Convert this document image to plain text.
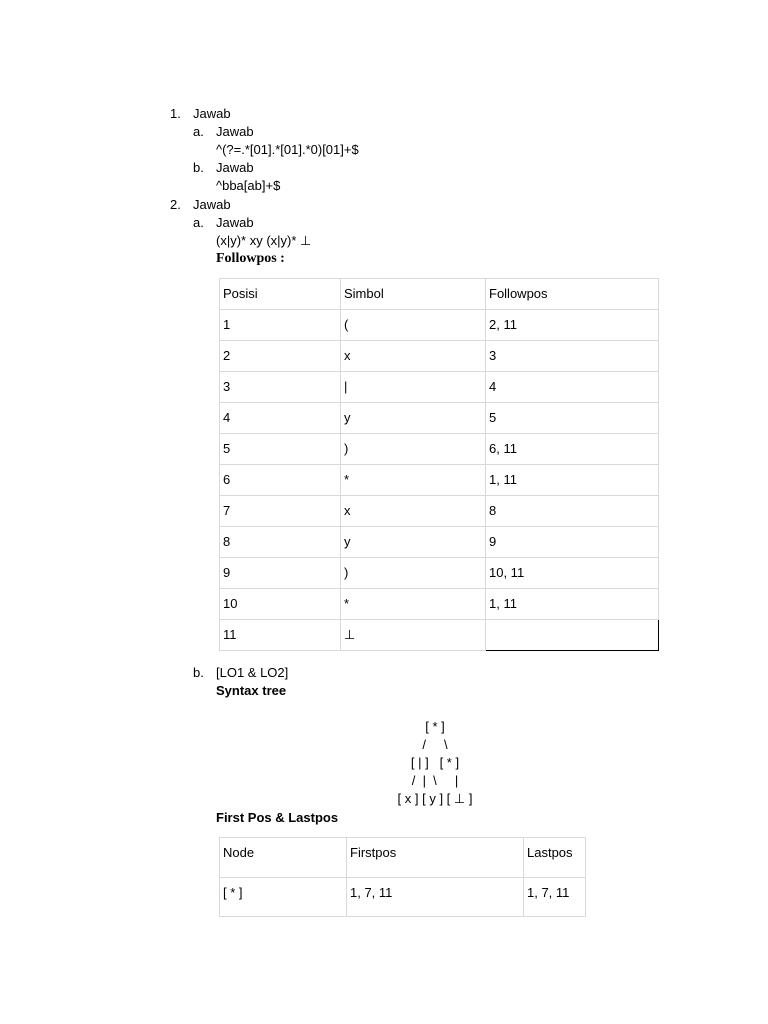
1. Jawab
a. Jawab
^(?=.*[01].*[01].*0)[01]+$
b. Jawab
^bba[ab]+$
2. Jawab
a. Jawab
(x|y)* xy (x|y)* ⊥
Followpos :
Posisi	Simbol	Followpos
1	(	2, 11
2	x	3
3	|	4
4	y	5
5	)	6, 11
6	*	1, 11
7	x	8
8	y	9
9	)	10, 11
10	*	1, 11
11	⊥	
b. [LO1 & LO2]
Syntax tree
[ * ]
/     \
[ | ]   [ * ]
/  |  \     |
[ x ] [ y ] [ ⊥ ]
First Pos & Lastpos
Node	Firstpos	Lastpos
[ * ]	1, 7, 11	1, 7, 11
